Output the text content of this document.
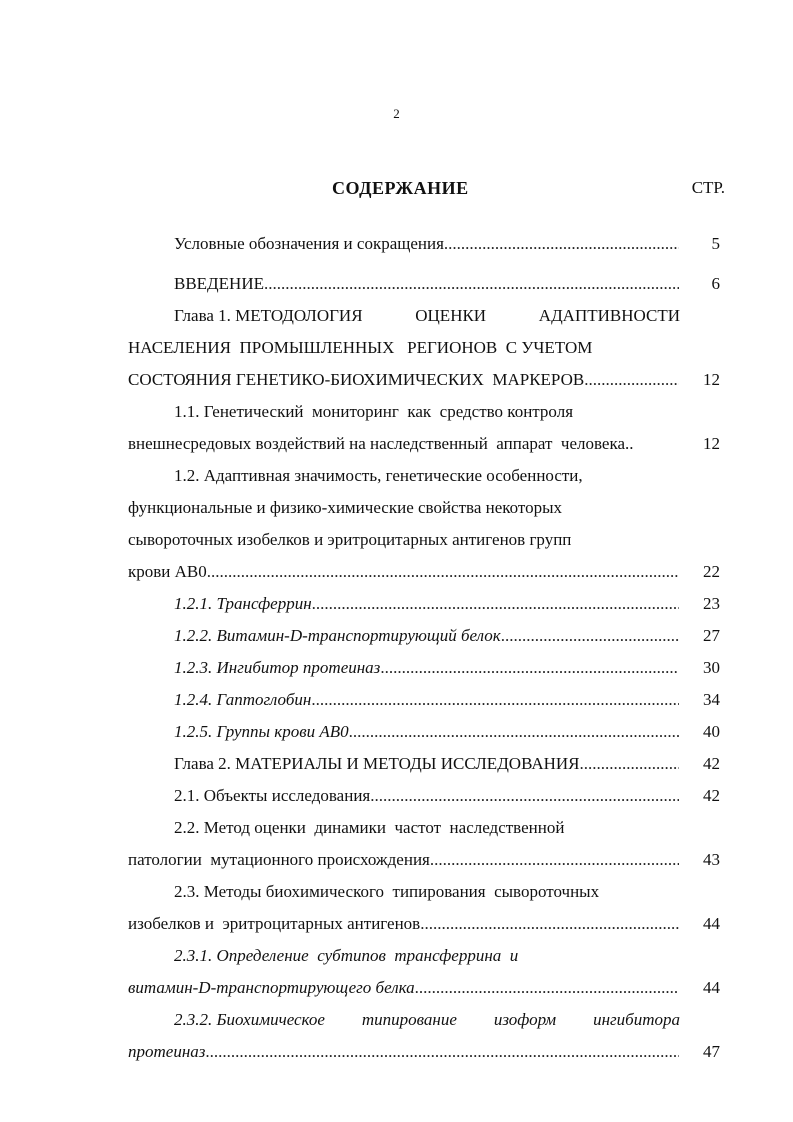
2
СОДЕРЖАНИЕ	СТР.
Условные обозначения и сокращения .....	5
ВВЕДЕНИЕ .....	6
Глава 1. МЕТОДОЛОГИЯ	ОЦЕНКИ	АДАПТИВНОСТИ
НАСЕЛЕНИЯ  ПРОМЫШЛЕННЫХ   РЕГИОНОВ  С УЧЕТОМ
СОСТОЯНИЯ ГЕНЕТИКО-БИОХИМИЧЕСКИХ  МАРКЕРОВ .....	12
1.1. Генетический  мониторинг  как  средство контроля
внешнесредовых воздействий на наследственный  аппарат  человека..	12
1.2. Адаптивная значимость, генетические особенности,
функциональные и физико-химические свойства некоторых
сывороточных изобелков и эритроцитарных антигенов групп
крови АВ0 .....	22
1.2.1. Трансферрин .....	23
1.2.2. Витамин-D-транспортирующий белок .....	27
1.2.3. Ингибитор протеиназ .....	30
1.2.4. Гаптоглобин .....	34
1.2.5. Группы крови АВ0 .....	40
Глава 2. МАТЕРИАЛЫ И МЕТОДЫ ИССЛЕДОВАНИЯ .....	42
2.1. Объекты исследования .....	42
2.2. Метод оценки  динамики  частот  наследственной
патологии  мутационного происхождения .....	43
2.3. Методы биохимического  типирования  сывороточных
изобелков и  эритроцитарных антигенов .....	44
2.3.1. Определение  субтипов  трансферрина  и
витамин-D-транспортирующего белка .....	44
2.3.2. Биохимическое типирование изоформ ингибитора
протеиназ .....	47
